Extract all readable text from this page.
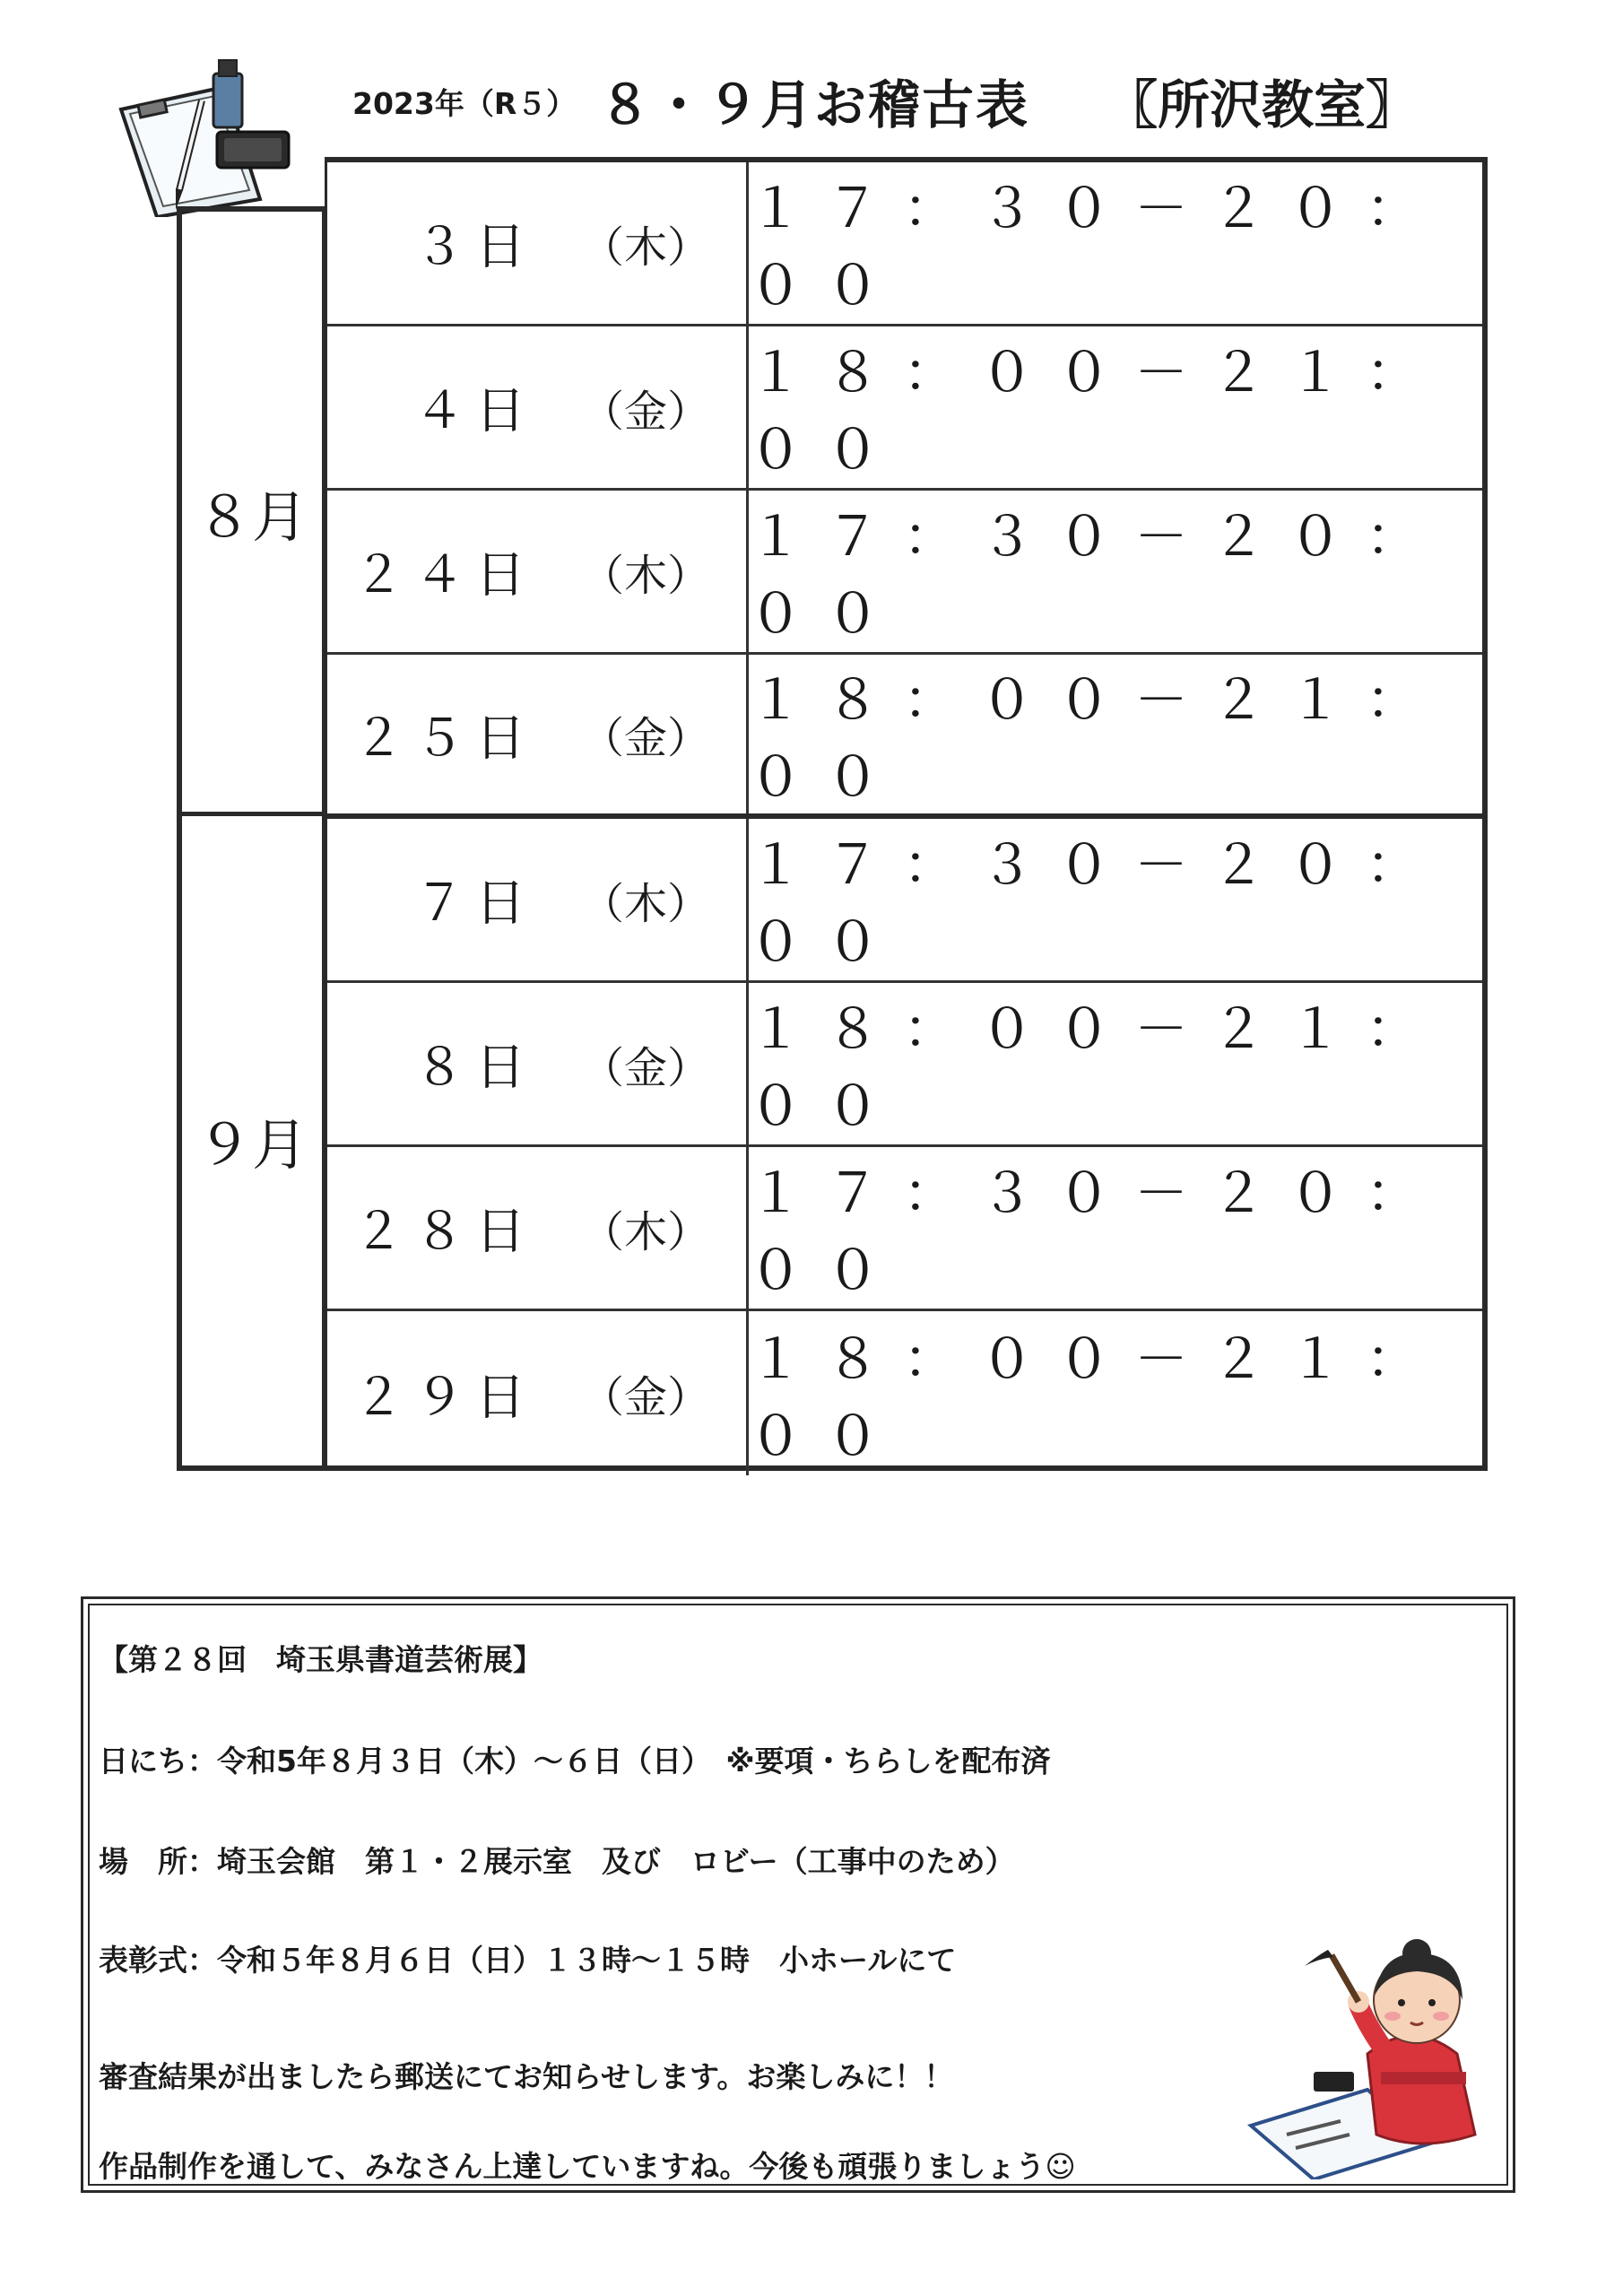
2023年（R５） ８・９月お稽古表 〖所沢教室〗
８月
９月
３日 （木）
１７：３０－２０：００
４日 （金）
１８：００－２１：００
２４日 （木）
１７：３０－２０：００
２５日 （金）
１８：００－２１：００
７日 （木）
１７：３０－２０：００
８日 （金）
１８：００－２１：００
２８日 （木）
１７：３０－２０：００
２９日 （金）
１８：００－２１：００
【第２８回　埼玉県書道芸術展】
日にち：令和5年８月３日（木）～６日（日）　※要項・ちらしを配布済
場　所：埼玉会館　第１・２展示室　及び　ロビー（工事中のため）
表彰式：令和５年８月６日（日）１３時～１５時　小ホールにて
審査結果が出ましたら郵送にてお知らせします。お楽しみに！！
作品制作を通して、みなさん上達していますね。今後も頑張りましょう☺
